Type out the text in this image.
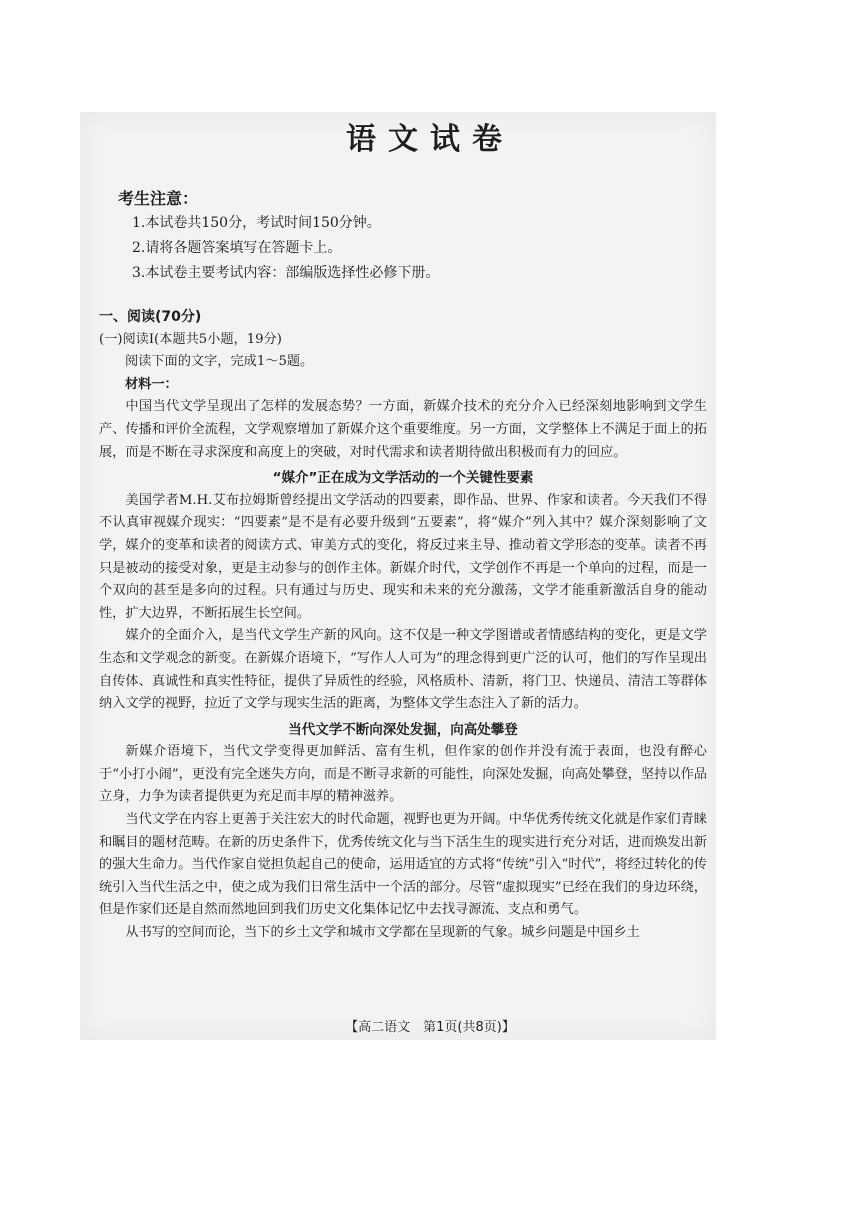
语文试卷
考生注意：
1.本试卷共150分，考试时间150分钟。
2.请将各题答案填写在答题卡上。
3.本试卷主要考试内容：部编版选择性必修下册。
一、阅读(70分)
(一)阅读Ⅰ(本题共5小题，19分)
阅读下面的文字，完成1～5题。
材料一：

中国当代文学呈现出了怎样的发展态势？一方面，新媒介技术的充分介入已经深刻地影响到文学生产、传播和评价全流程，文学观察增加了新媒介这个重要维度。另一方面，文学整体上不满足于面上的拓展，而是不断在寻求深度和高度上的突破，对时代需求和读者期待做出积极而有力的回应。

“媒介”正在成为文学活动的一个关键性要素

美国学者M.H.艾布拉姆斯曾经提出文学活动的四要素，即作品、世界、作家和读者。今天我们不得不认真审视媒介现实：“四要素”是不是有必要升级到“五要素”，将“媒介”列入其中？媒介深刻影响了文学，媒介的变革和读者的阅读方式、审美方式的变化，将反过来主导、推动着文学形态的变革。读者不再只是被动的接受对象，更是主动参与的创作主体。新媒介时代，文学创作不再是一个单向的过程，而是一个双向的甚至是多向的过程。只有通过与历史、现实和未来的充分激荡，文学才能重新激活自身的能动性，扩大边界，不断拓展生长空间。

媒介的全面介入，是当代文学生产新的风向。这不仅是一种文学图谱或者情感结构的变化，更是文学生态和文学观念的新变。在新媒介语境下，“写作人人可为”的理念得到更广泛的认可，他们的写作呈现出自传体、真诚性和真实性特征，提供了异质性的经验，风格质朴、清新，将门卫、快递员、清洁工等群体纳入文学的视野，拉近了文学与现实生活的距离，为整体文学生态注入了新的活力。

当代文学不断向深处发掘，向高处攀登

新媒介语境下，当代文学变得更加鲜活、富有生机，但作家的创作并没有流于表面，也没有醉心于“小打小闹”，更没有完全迷失方向，而是不断寻求新的可能性，向深处发掘，向高处攀登，坚持以作品立身，力争为读者提供更为充足而丰厚的精神滋养。

当代文学在内容上更善于关注宏大的时代命题，视野也更为开阔。中华优秀传统文化就是作家们青睐和瞩目的题材范畴。在新的历史条件下，优秀传统文化与当下活生生的现实进行充分对话，进而焕发出新的强大生命力。当代作家自觉担负起自己的使命，运用适宜的方式将“传统”引入“时代”，将经过转化的传统引入当代生活之中，使之成为我们日常生活中一个活的部分。尽管“虚拟现实”已经在我们的身边环绕，但是作家们还是自然而然地回到我们历史文化集体记忆中去找寻源流、支点和勇气。

从书写的空间而论，当下的乡土文学和城市文学都在呈现新的气象。城乡问题是中国乡土

【高二语文　第1页(共8页)】
